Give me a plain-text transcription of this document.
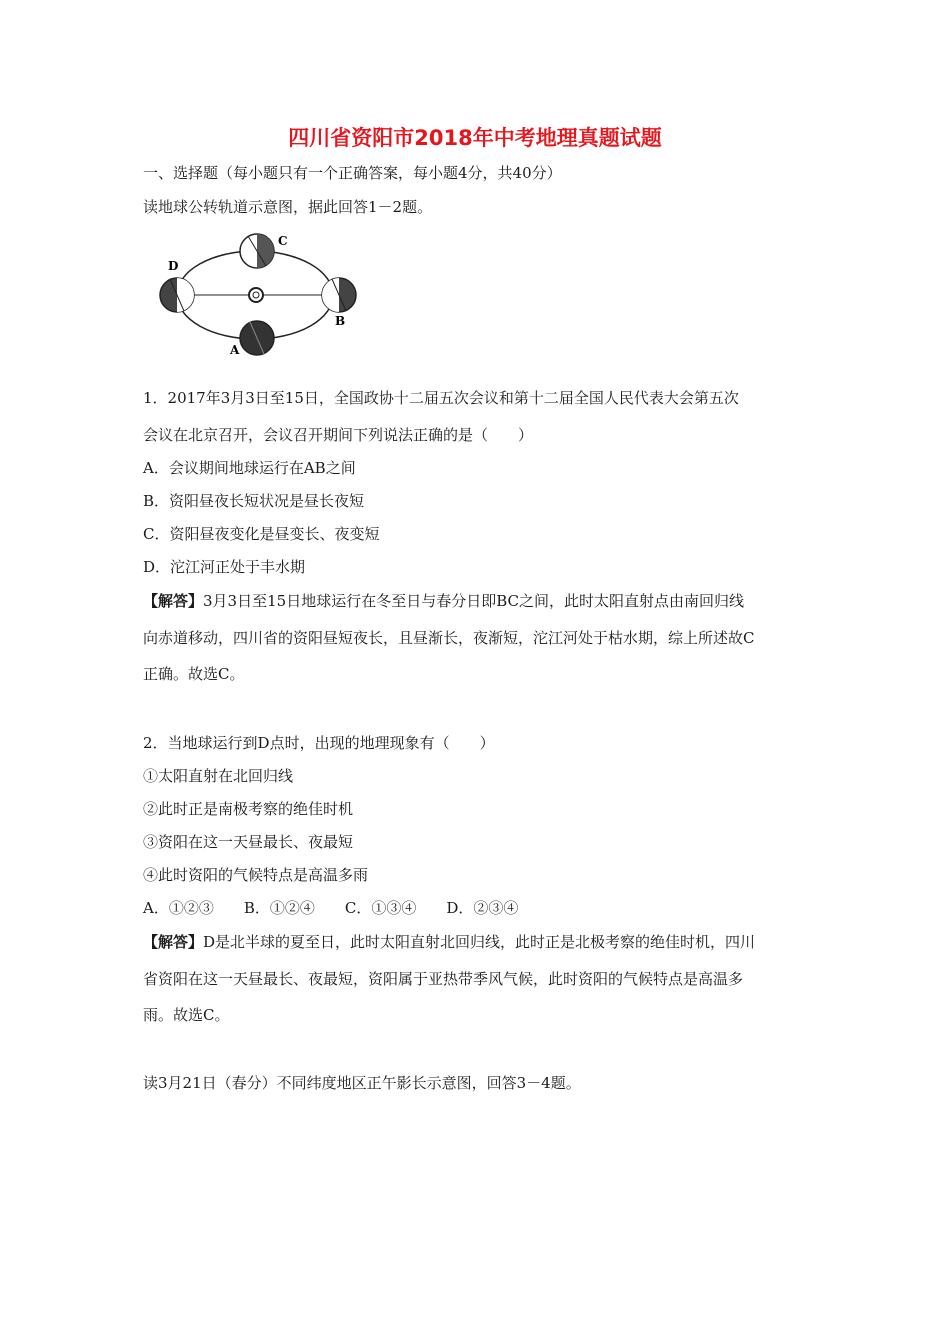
四川省资阳市2018年中考地理真题试题
一、选择题（每小题只有一个正确答案，每小题4分，共40分）
读地球公转轨道示意图，据此回答1－2题。
C
D
B
A
1．2017年3月3日至15日，全国政协十二届五次会议和第十二届全国人民代表大会第五次
会议在北京召开，会议召开期间下列说法正确的是（　　）
A．会议期间地球运行在AB之间
B．资阳昼夜长短状况是昼长夜短
C．资阳昼夜变化是昼变长、夜变短
D．沱江河正处于丰水期
【解答】3月3日至15日地球运行在冬至日与春分日即BC之间，此时太阳直射点由南回归线
向赤道移动，四川省的资阳昼短夜长，且昼渐长，夜渐短，沱江河处于枯水期，综上所述故C
正确。故选C。
2．当地球运行到D点时，出现的地理现象有（　　）
①太阳直射在北回归线
②此时正是南极考察的绝佳时机
③资阳在这一天昼最长、夜最短
④此时资阳的气候特点是高温多雨
A．①②③　　B．①②④　　C．①③④　　D．②③④
【解答】D是北半球的夏至日，此时太阳直射北回归线，此时正是北极考察的绝佳时机，四川
省资阳在这一天昼最长、夜最短，资阳属于亚热带季风气候，此时资阳的气候特点是高温多
雨。故选C。
读3月21日（春分）不同纬度地区正午影长示意图，回答3－4题。
